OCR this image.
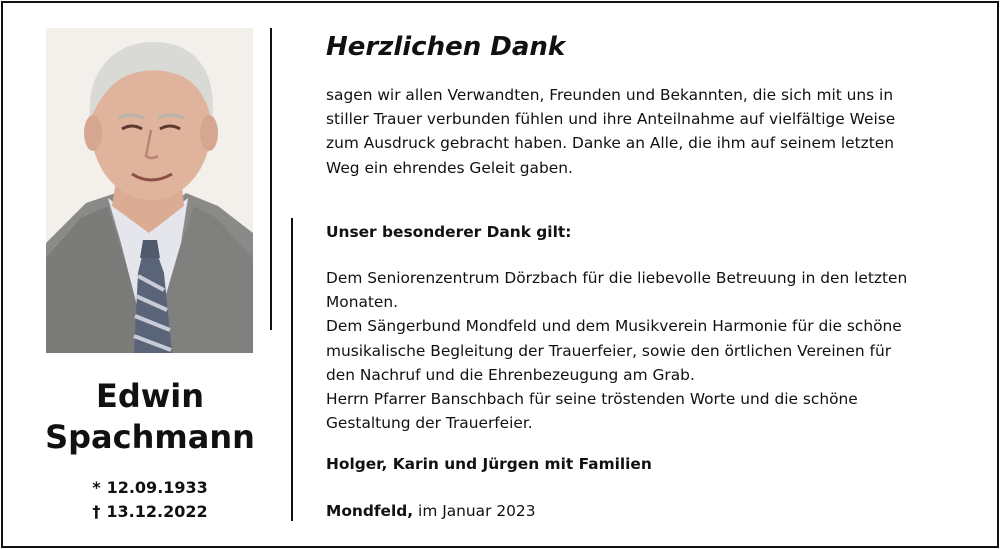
Edwin
Spachmann
* 12.09.1933
† 13.12.2022
Herzlichen Dank

sagen wir allen Verwandten, Freunden und Bekannten, die sich mit uns in

stiller Trauer verbunden fühlen und ihre Anteilnahme auf vielfältige Weise

zum Ausdruck gebracht haben. Danke an Alle, die ihm auf seinem letzten

Weg ein ehrendes Geleit gaben.

Unser besonderer Dank gilt:

Dem Seniorenzentrum Dörzbach für die liebevolle Betreuung in den letzten

Monaten.

Dem Sängerbund Mondfeld und dem Musikverein Harmonie für die schöne

musikalische Begleitung der Trauerfeier, sowie den örtlichen Vereinen für

den Nachruf und die Ehrenbezeugung am Grab.

Herrn Pfarrer Banschbach für seine tröstenden Worte und die schöne

Gestaltung der Trauerfeier.

Holger, Karin und Jürgen mit Familien
Mondfeld, im Januar 2023
